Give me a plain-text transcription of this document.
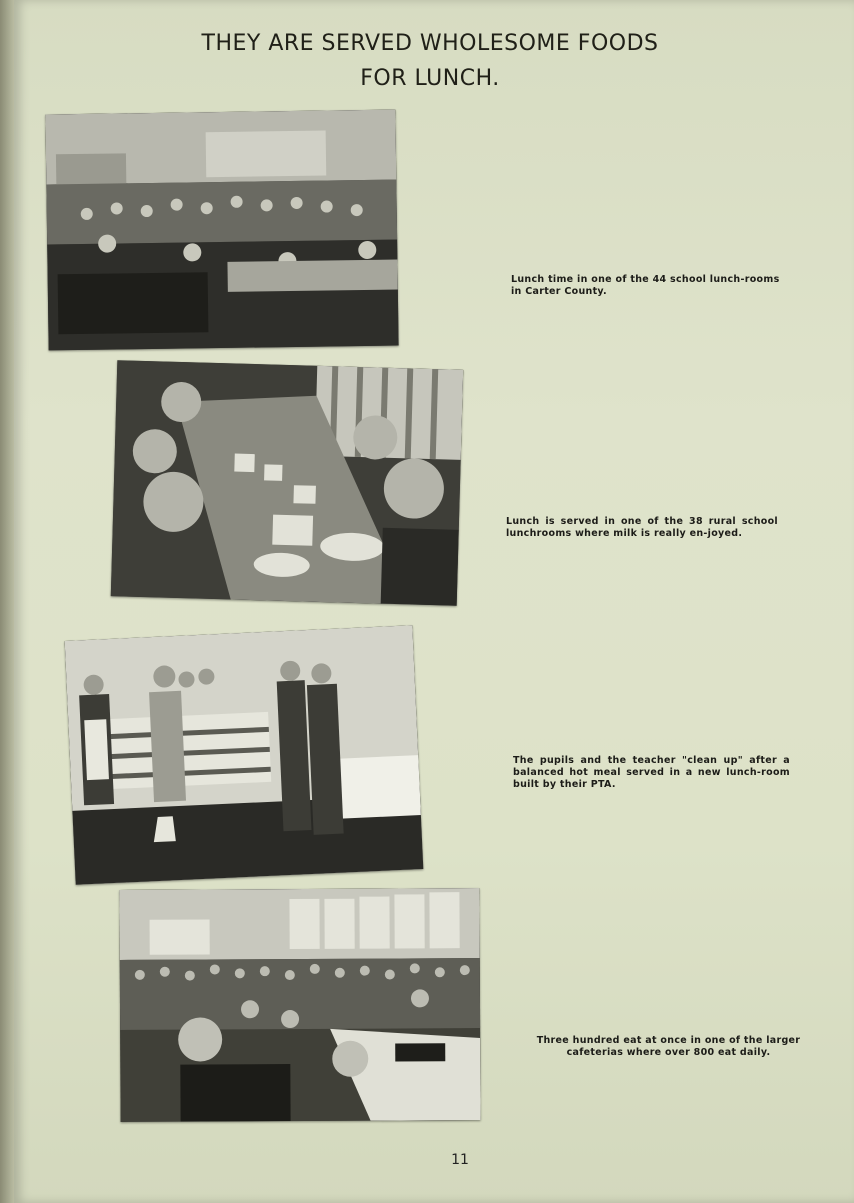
THEY ARE SERVED WHOLESOME FOODS
FOR LUNCH.
Lunch time in one of the 44 school lunch-rooms in Carter County.
Lunch is served in one of the 38 rural school lunchrooms where milk is really en-joyed.
The pupils and the teacher "clean up" after a balanced hot meal served in a new lunch-room built by their PTA.
Three hundred eat at once in one of the larger cafeterias where over 800 eat daily.
11
